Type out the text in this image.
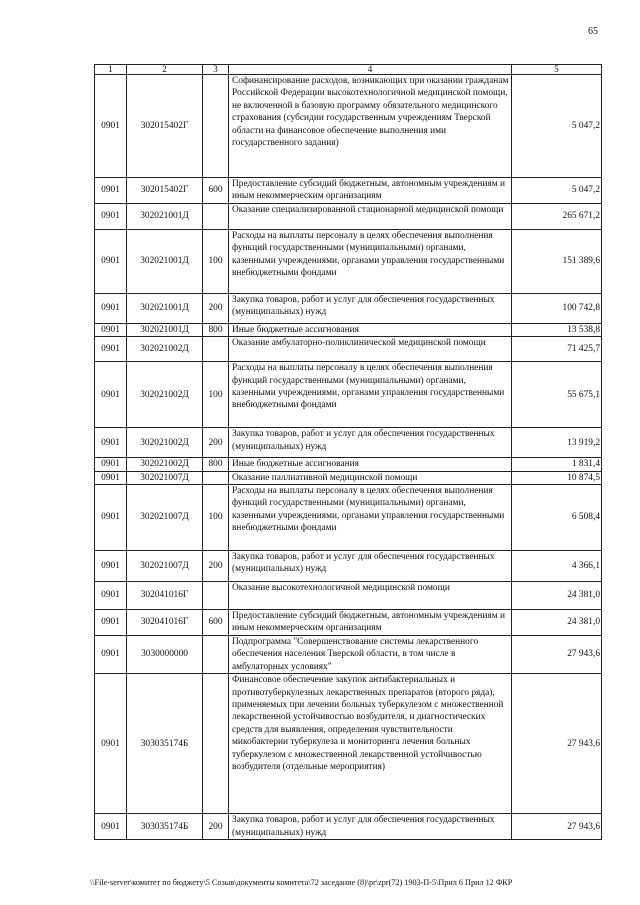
65
1	2	3	4	5
0901	302015402Г		Софинансирование расходов, возникающих при оказании гражданам Российской Федерации высокотехнологичной медицинской помощи, не включенной в базовую программу обязательного медицинского страхования (субсидии государственным учреждениям Тверской области на финансовое обеспечение выполнения ими государственного задания)	5 047,2
0901	302015402Г	600	Предоставление субсидий бюджетным, автономным учреждениям и иным некоммерческим организациям	5 047,2
0901	302021001Д		Оказание специализированной стационарной медицинской помощи	265 671,2
0901	302021001Д	100	Расходы на выплаты персоналу в целях обеспечения выполнения функций государственными (муниципальными) органами, казенными учреждениями, органами управления государственными внебюджетными фондами	151 389,6
0901	302021001Д	200	Закупка товаров, работ и услуг для обеспечения государственных (муниципальных) нужд	100 742,8
0901	302021001Д	800	Иные бюджетные ассигнования	13 538,8
0901	302021002Д		Оказание амбулаторно-поликлинической медицинской помощи	71 425,7
0901	302021002Д	100	Расходы на выплаты персоналу в целях обеспечения выполнения функций государственными (муниципальными) органами, казенными учреждениями, органами управления государственными внебюджетными фондами	55 675,1
0901	302021002Д	200	Закупка товаров, работ и услуг для обеспечения государственных (муниципальных) нужд	13 919,2
0901	302021002Д	800	Иные бюджетные ассигнования	1 831,4
0901	302021007Д		Оказание паллиативной медицинской помощи	10 874,5
0901	302021007Д	100	Расходы на выплаты персоналу в целях обеспечения выполнения функций государственными (муниципальными) органами, казенными учреждениями, органами управления государственными внебюджетными фондами	6 508,4
0901	302021007Д	200	Закупка товаров, работ и услуг для обеспечения государственных (муниципальных) нужд	4 366,1
0901	302041016Г		Оказание высокотехнологичной медицинской помощи	24 381,0
0901	302041016Г	600	Предоставление субсидий бюджетным, автономным учреждениям и иным некоммерческим организациям	24 381,0
0901	3030000000		Подпрограмма "Совершенствование системы лекарственного обеспечения населения Тверской области, в том числе в амбулаторных условиях"	27 943,6
0901	303035174Б		Финансовое обеспечение закупок антибактериальных и противотуберкулезных лекарственных препаратов (второго ряда), применяемых при лечении больных туберкулезом с множественной лекарственной устойчивостью возбудителя, и диагностических средств для выявления, определения чувствительности микобактерии туберкулеза и мониторинга лечения больных туберкулезом с множественной лекарственной устойчивостью возбудителя (отдельные мероприятия)	27 943,6
0901	303035174Б	200	Закупка товаров, работ и услуг для обеспечения государственных (муниципальных) нужд	27 943,6
\\File-server\комитет по бюджету\5 Созыв\документы комитета\72 заседание (8)\pr\zpr(72) 1903-П-5\Прил 6 Прил 12 ФКР
